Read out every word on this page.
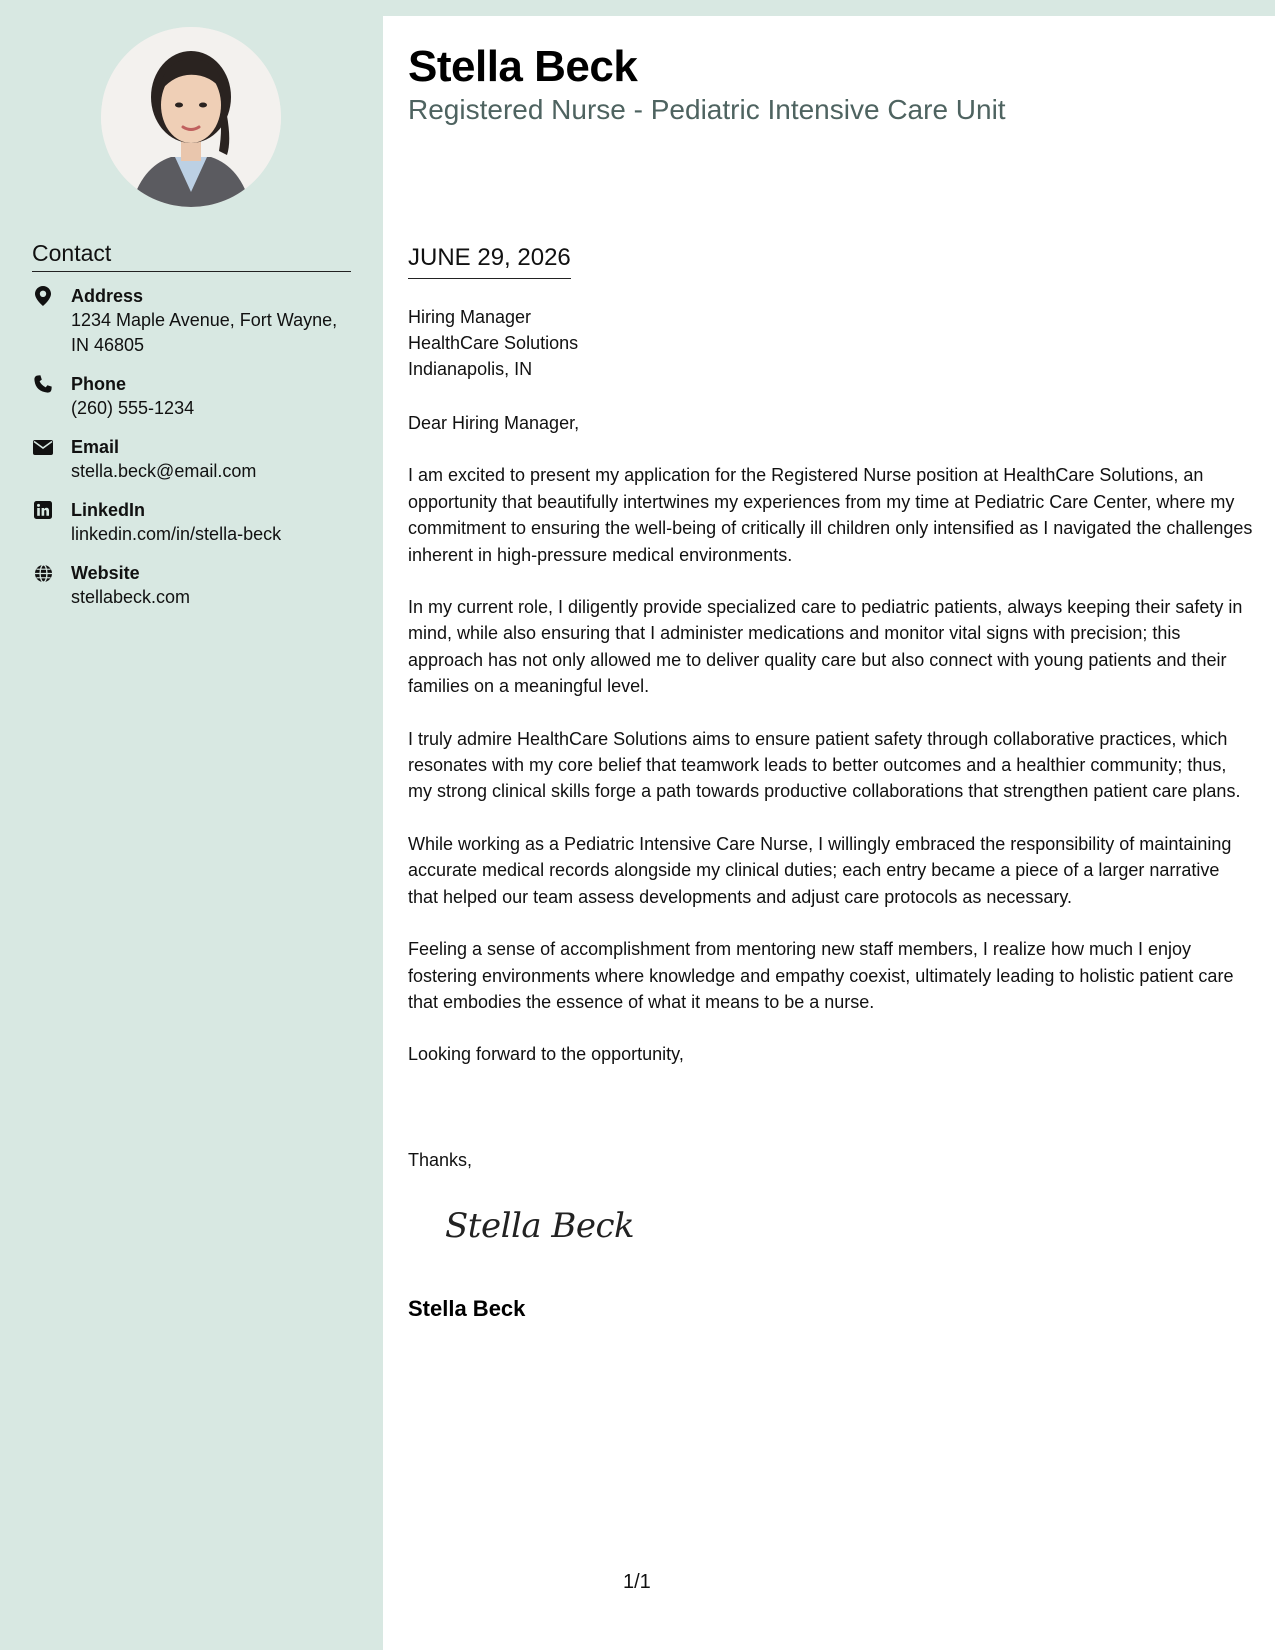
Contact
Address
1234 Maple Avenue, Fort Wayne, IN 46805
Phone
(260) 555-1234
Email
stella.beck@email.com
LinkedIn
linkedin.com/in/stella-beck
Website
stellabeck.com
Stella Beck
Registered Nurse - Pediatric Intensive Care Unit
JUNE 29, 2026
Hiring Manager
HealthCare Solutions
Indianapolis, IN

Dear Hiring Manager,

I am excited to present my application for the Registered Nurse position at HealthCare Solutions, an opportunity that beautifully intertwines my experiences from my time at Pediatric Care Center, where my commitment to ensuring the well-being of critically ill children only intensified as I navigated the challenges inherent in high-pressure medical environments.

In my current role, I diligently provide specialized care to pediatric patients, always keeping their safety in mind, while also ensuring that I administer medications and monitor vital signs with precision; this approach has not only allowed me to deliver quality care but also connect with young patients and their families on a meaningful level.

I truly admire HealthCare Solutions aims to ensure patient safety through collaborative practices, which resonates with my core belief that teamwork leads to better outcomes and a healthier community; thus, my strong clinical skills forge a path towards productive collaborations that strengthen patient care plans.

While working as a Pediatric Intensive Care Nurse, I willingly embraced the responsibility of maintaining accurate medical records alongside my clinical duties; each entry became a piece of a larger narrative that helped our team assess developments and adjust care protocols as necessary.

Feeling a sense of accomplishment from mentoring new staff members, I realize how much I enjoy fostering environments where knowledge and empathy coexist, ultimately leading to holistic patient care that embodies the essence of what it means to be a nurse.

Looking forward to the opportunity,

Thanks,
Stella Beck
Stella Beck
1/1
